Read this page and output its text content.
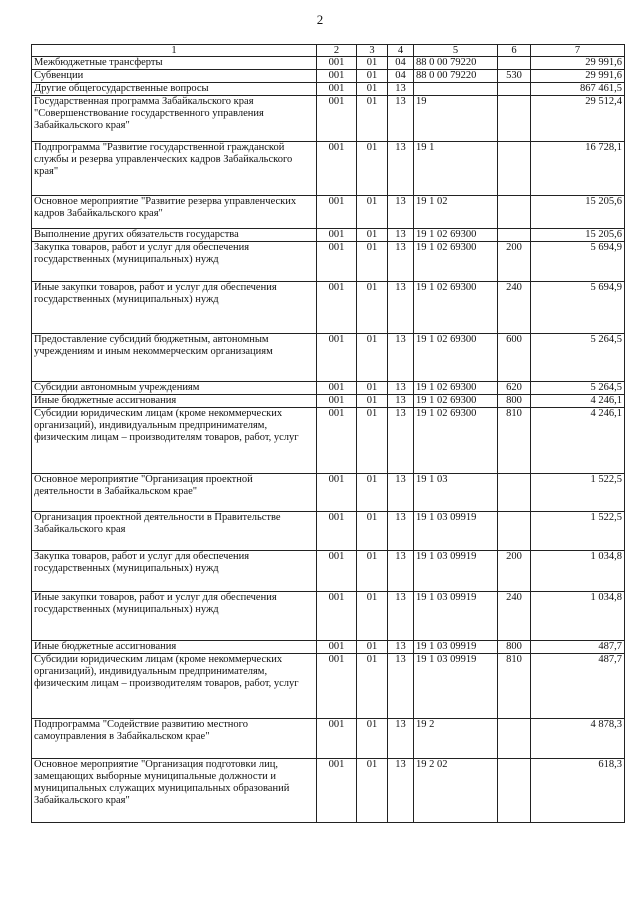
2
1	2	3	4	5	6	7
Межбюджетные трансферты	001	01	04	88 0 00 79220		29 991,6
Субвенции	001	01	04	88 0 00 79220	530	29 991,6
Другие общегосударственные вопросы	001	01	13			867 461,5
Государственная программа Забайкальского края "Совершенствование государственного управления Забайкальского края"	001	01	13	19		29 512,4
Подпрограмма "Развитие государственной гражданской службы и резерва управленческих кадров Забайкальского края"	001	01	13	19 1		16 728,1
Основное мероприятие "Развитие резерва управленческих кадров Забайкальского края"	001	01	13	19 1 02		15 205,6
Выполнение других обязательств государства	001	01	13	19 1 02 69300		15 205,6
Закупка товаров, работ и услуг для обеспечения государственных (муниципальных) нужд	001	01	13	19 1 02 69300	200	5 694,9
Иные закупки товаров, работ и услуг для обеспечения государственных (муниципальных) нужд	001	01	13	19 1 02 69300	240	5 694,9
Предоставление субсидий бюджетным, автономным учреждениям и иным некоммерческим организациям	001	01	13	19 1 02 69300	600	5 264,5
Субсидии автономным учреждениям	001	01	13	19 1 02 69300	620	5 264,5
Иные бюджетные ассигнования	001	01	13	19 1 02 69300	800	4 246,1
Субсидии юридическим лицам (кроме некоммерческих организаций), индивидуальным предпринимателям, физическим лицам – производителям товаров, работ, услуг	001	01	13	19 1 02 69300	810	4 246,1
Основное мероприятие "Организация проектной деятельности в Забайкальском крае"	001	01	13	19 1 03		1 522,5
Организация проектной деятельности в Правительстве Забайкальского края	001	01	13	19 1 03 09919		1 522,5
Закупка товаров, работ и услуг для обеспечения государственных (муниципальных) нужд	001	01	13	19 1 03 09919	200	1 034,8
Иные закупки товаров, работ и услуг для обеспечения государственных (муниципальных) нужд	001	01	13	19 1 03 09919	240	1 034,8
Иные бюджетные ассигнования	001	01	13	19 1 03 09919	800	487,7
Субсидии юридическим лицам (кроме некоммерческих организаций), индивидуальным предпринимателям, физическим лицам – производителям товаров, работ, услуг	001	01	13	19 1 03 09919	810	487,7
Подпрограмма "Содействие развитию местного самоуправления в Забайкальском крае"	001	01	13	19 2		4 878,3
Основное мероприятие "Организация подготовки лиц, замещающих выборные муниципальные должности и муниципальных служащих муниципальных образований Забайкальского края"	001	01	13	19 2 02		618,3
